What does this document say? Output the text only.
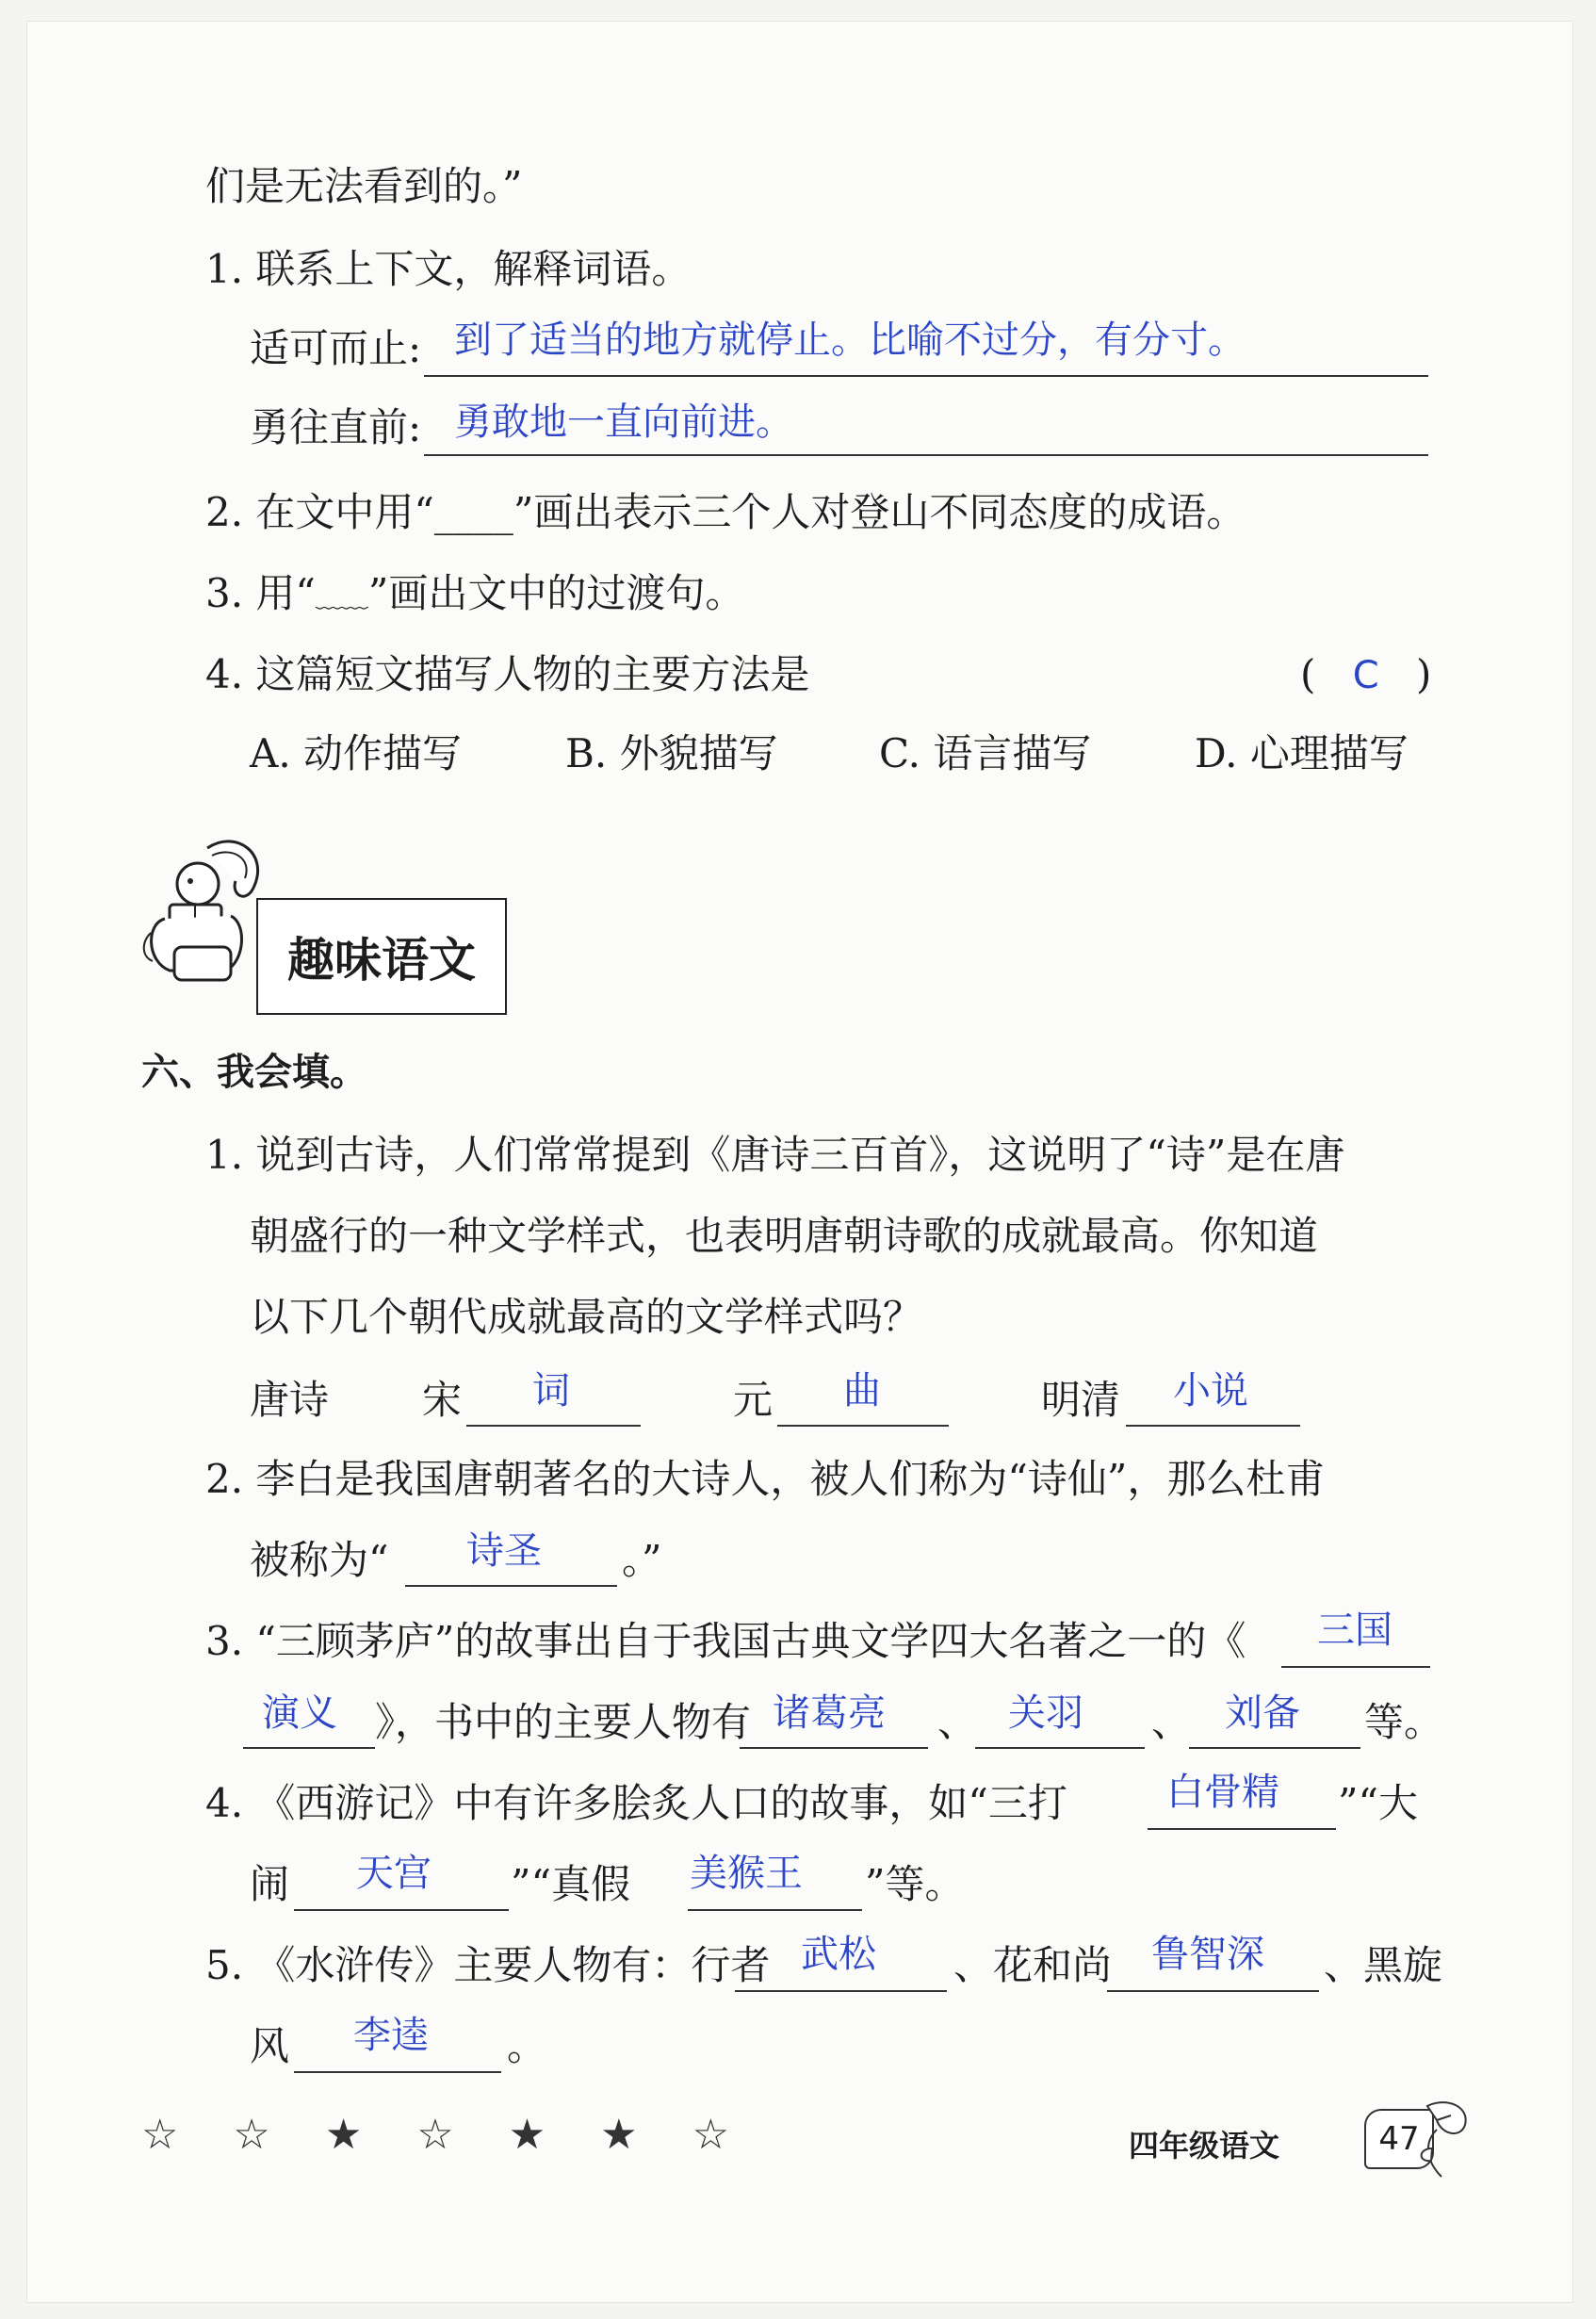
们是无法看到的。”
1. 联系上下文，解释词语。
适可而止: 到了适当的地方就停止。比喻不过分，有分寸。
勇往直前: 勇敢地一直向前进。
2. 在文中用“____”画出表示三个人对登山不同态度的成语。
3. 用“﹏﹏”画出文中的过渡句。
4. 这篇短文描写人物的主要方法是	( C )
A. 动作描写	B. 外貌描写	C. 语言描写	D. 心理描写
趣味语文
六、我会填。
1. 说到古诗，人们常常提到《唐诗三百首》，这说明了“诗”是在唐
朝盛行的一种文学样式，也表明唐朝诗歌的成就最高。你知道
以下几个朝代成就最高的文学样式吗？
唐诗 宋 词	元 曲	明清 小说
2. 李白是我国唐朝著名的大诗人，被人们称为“诗仙”，那么杜甫
被称为“ 诗圣 。”
3. “三顾茅庐”的故事出自于我国古典文学四大名著之一的《 三国
演义 》，书中的主要人物有 诸葛亮 、 关羽 、 刘备 等。
4. 《西游记》中有许多脍炙人口的故事，如“三打	白骨精 ”“大
闹 天宫 ”“真假 美猴王 ”等。
5. 《水浒传》主要人物有：行者 武松 、花和尚 鲁智深 、黑旋
风 李逵 。
☆ ☆ ★ ☆ ★ ★ ☆	四年级语文	47
